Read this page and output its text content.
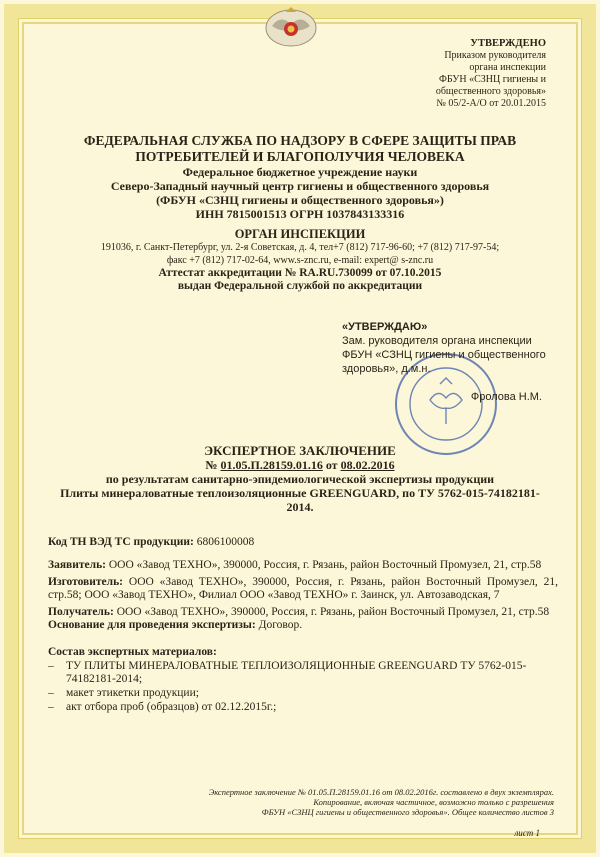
УТВЕРЖДЕНО
Приказом руководителя
органа инспекции
ФБУН «СЗНЦ гигиены и
общественного здоровья»
№ 05/2-А/О от 20.01.2015
ФЕДЕРАЛЬНАЯ СЛУЖБА ПО НАДЗОРУ В СФЕРЕ ЗАЩИТЫ ПРАВ
ПОТРЕБИТЕЛЕЙ И БЛАГОПОЛУЧИЯ ЧЕЛОВЕКА
Федеральное бюджетное учреждение науки
Северо-Западный научный центр гигиены и общественного здоровья
(ФБУН «СЗНЦ гигиены и общественного здоровья»)
ИНН 7815001513 ОГРН 1037843133316
ОРГАН ИНСПЕКЦИИ
191036, г. Санкт-Петербург, ул. 2-я Советская, д. 4, тел+7 (812) 717-96-60; +7 (812) 717-97-54;
факс +7 (812) 717-02-64, www.s-znc.ru, e-mail: expert@ s-znc.ru
Аттестат аккредитации № RA.RU.730099 от 07.10.2015
выдан Федеральной службой по аккредитации
«УТВЕРЖДАЮ»
Зам. руководителя органа инспекции
ФБУН «СЗНЦ гигиены и общественного
здоровья», д.м.н.
Фролова Н.М.
ЭКСПЕРТНОЕ ЗАКЛЮЧЕНИЕ
№ 01.05.П.28159.01.16 от 08.02.2016
по результатам санитарно-эпидемиологической экспертизы продукции
Плиты минераловатные теплоизоляционные GREENGUARD, по ТУ 5762-015-74182181-
2014.

Код ТН ВЭД ТС продукции: 6806100008

Заявитель: ООО «Завод ТЕХНО», 390000, Россия, г. Рязань, район Восточный Промузел, 21, стр.58

Изготовитель: ООО «Завод ТЕХНО», 390000, Россия, г. Рязань, район Восточный Промузел, 21, стр.58; ООО «Завод ТЕХНО», Филиал ООО «Завод ТЕХНО» г. Заинск, ул. Автозаводская, 7

Получатель: ООО «Завод ТЕХНО», 390000, Россия, г. Рязань, район Восточный Промузел, 21, стр.58

Основание для проведения экспертизы: Договор.

Состав экспертных материалов:
– ТУ ПЛИТЫ МИНЕРАЛОВАТНЫЕ ТЕПЛОИЗОЛЯЦИОННЫЕ GREENGUARD ТУ 5762-015-74182181-2014;
– макет этикетки продукции;
– акт отбора проб (образцов) от 02.12.2015г.;
Экспертное заключение № 01.05.П.28159.01.16 от 08.02.2016г. составлено в двух экземплярах.
Копирование, включая частичное, возможно только с разрешения
ФБУН «СЗНЦ гигиены и общественного здоровья». Общее количество листов 3
лист 1
